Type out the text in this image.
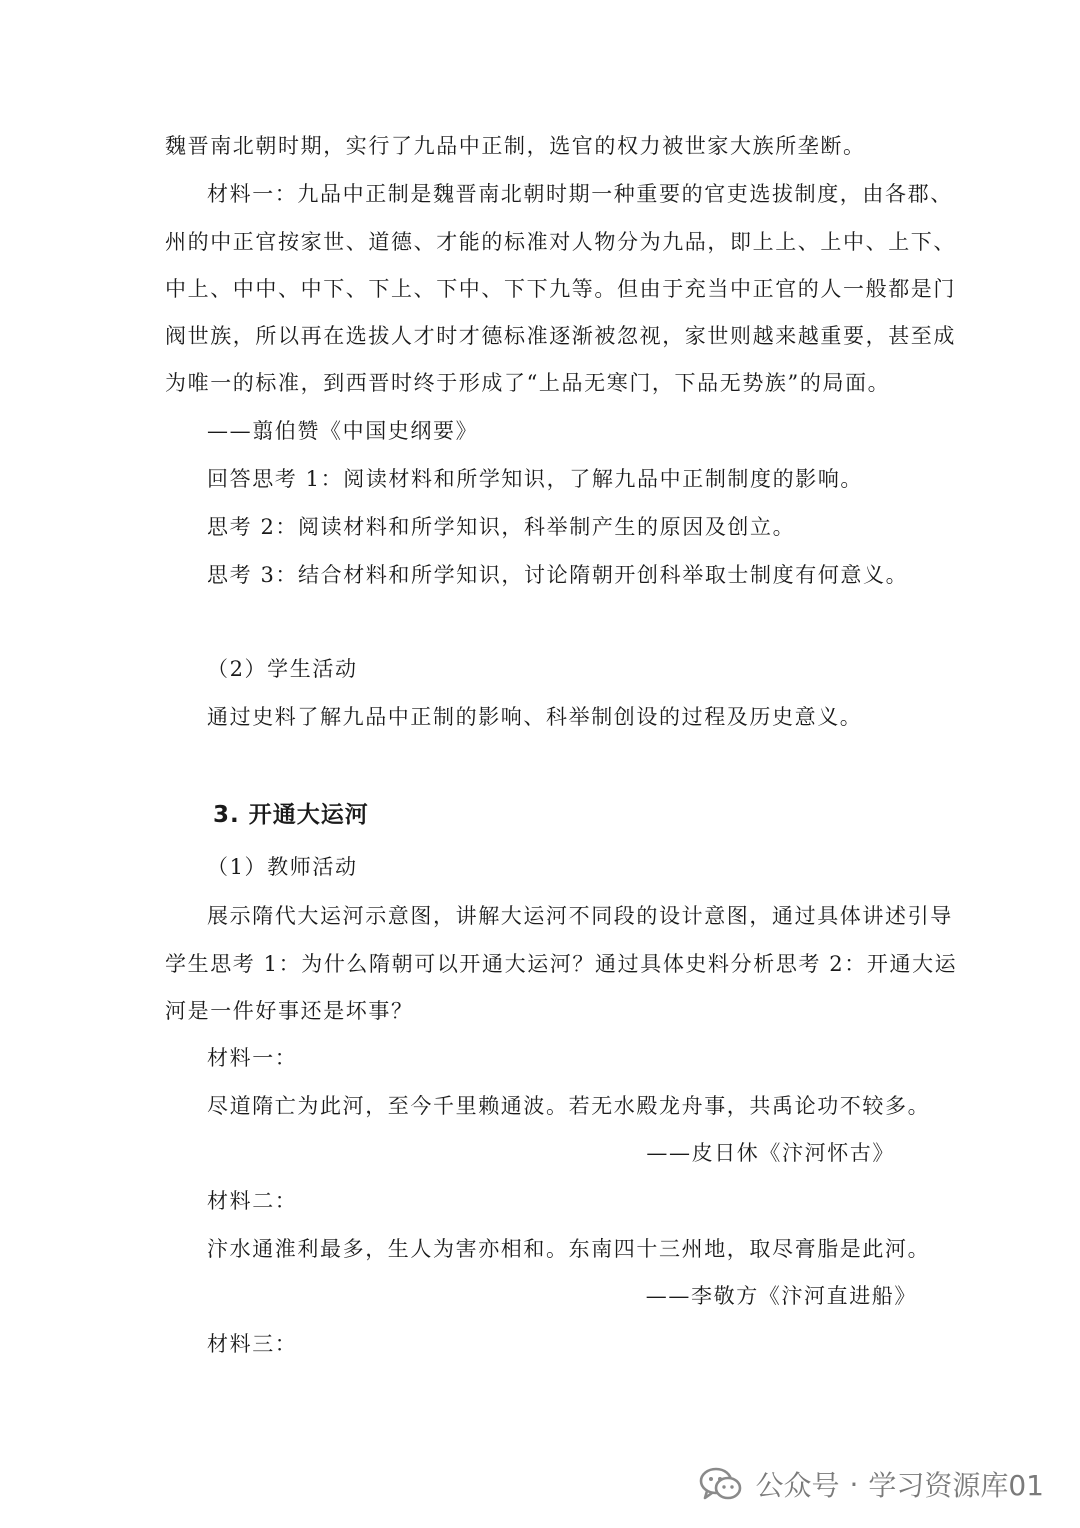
魏晋南北朝时期，实行了九品中正制，选官的权力被世家大族所垄断。
材料一：九品中正制是魏晋南北朝时期一种重要的官吏选拔制度，由各郡、
州的中正官按家世、道德、才能的标准对人物分为九品，即上上、上中、上下、
中上、中中、中下、下上、下中、下下九等。但由于充当中正官的人一般都是门
阀世族，所以再在选拔人才时才德标准逐渐被忽视，家世则越来越重要，甚至成
为唯一的标准，到西晋时终于形成了“上品无寒门，下品无势族”的局面。
——翦伯赞《中国史纲要》
回答思考 1：阅读材料和所学知识，了解九品中正制制度的影响。
思考 2：阅读材料和所学知识，科举制产生的原因及创立。
思考 3：结合材料和所学知识，讨论隋朝开创科举取士制度有何意义。
（2）学生活动
通过史料了解九品中正制的影响、科举制创设的过程及历史意义。
3. 开通大运河
（1）教师活动
展示隋代大运河示意图，讲解大运河不同段的设计意图，通过具体讲述引导
学生思考 1：为什么隋朝可以开通大运河？通过具体史料分析思考 2：开通大运
河是一件好事还是坏事？
材料一：
尽道隋亡为此河，至今千里赖通波。若无水殿龙舟事，共禹论功不较多。
——皮日休《汴河怀古》
材料二：
汴水通淮利最多，生人为害亦相和。东南四十三州地，取尽膏脂是此河。
——李敬方《汴河直进船》
材料三：
公众号 · 学习资源库01
